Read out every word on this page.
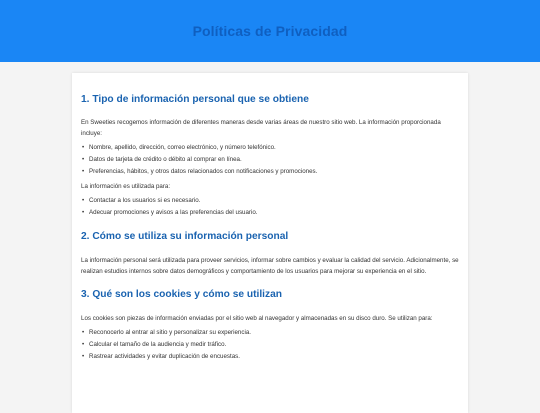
Políticas de Privacidad
1. Tipo de información personal que se obtiene

En Sweeties recogemos información de diferentes maneras desde varias áreas de nuestro sitio web. La información proporcionada incluye:

• Nombre, apellido, dirección, correo electrónico, y número telefónico.
• Datos de tarjeta de crédito o débito al comprar en línea.
• Preferencias, hábitos, y otros datos relacionados con notificaciones y promociones.

La información es utilizada para:

• Contactar a los usuarios si es necesario.
• Adecuar promociones y avisos a las preferencias del usuario.
2. Cómo se utiliza su información personal

La información personal será utilizada para proveer servicios, informar sobre cambios y evaluar la calidad del servicio. Adicionalmente, se realizan estudios internos sobre datos demográficos y comportamiento de los usuarios para mejorar su experiencia en el sitio.

3. Qué son los cookies y cómo se utilizan

Los cookies son piezas de información enviadas por el sitio web al navegador y almacenadas en su disco duro. Se utilizan para:

• Reconocerlo al entrar al sitio y personalizar su experiencia.
• Calcular el tamaño de la audiencia y medir tráfico.
• Rastrear actividades y evitar duplicación de encuestas.
